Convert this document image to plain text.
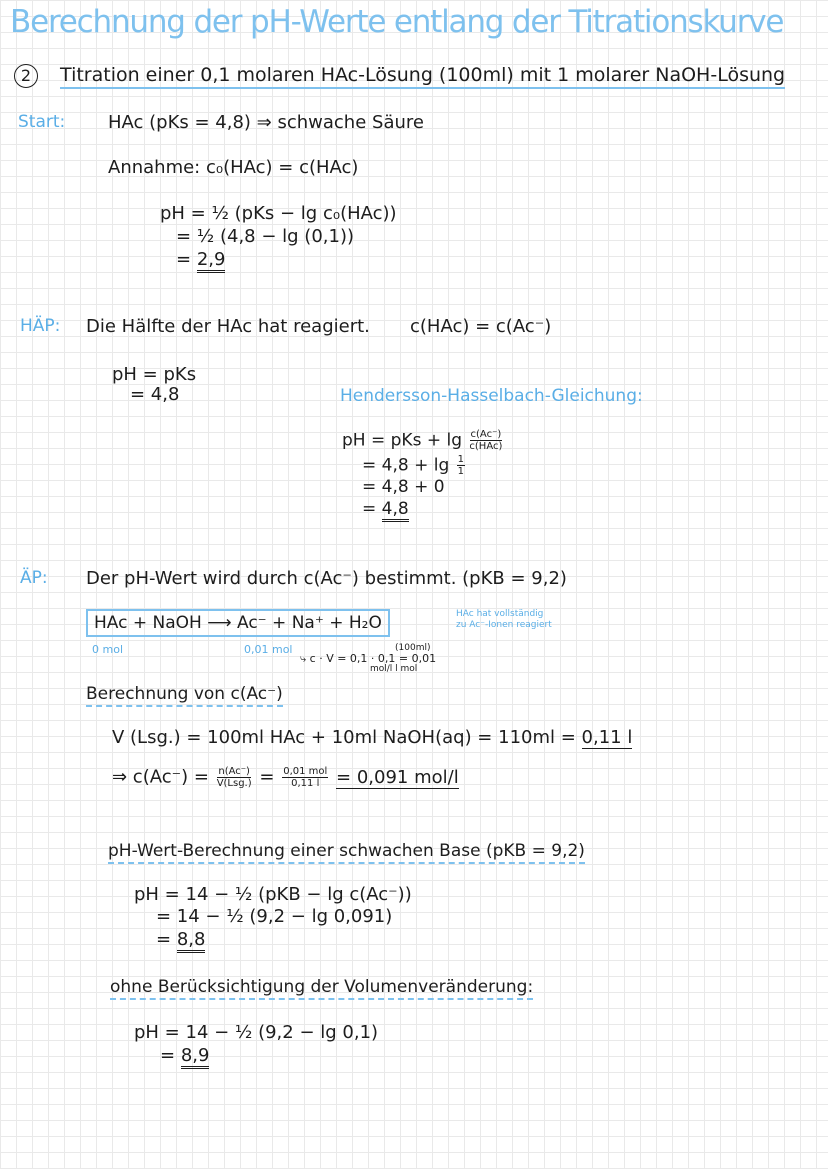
Berechnung der pH-Werte entlang der Titrationskurve
2 Titration einer 0,1 molaren HAc-Lösung (100ml) mit 1 molarer NaOH-Lösung
Start: HAc (pKs = 4,8) ⇒ schwache Säure
Annahme: c₀(HAc) = c(HAc)
pH = ½ (pKs − lg c₀(HAc))
= ½ (4,8 − lg (0,1))
= 2,9
HÄP: Die Hälfte der HAc hat reagiert. c(HAc) = c(Ac⁻)
pH = pKs
= 4,8	Hendersson-Hasselbach-Gleichung:
pH = pKs + $\lg \frac{c(Ac^-)}{\text{c(HAc)}}$
= $4,8 + \lg \frac{1}{1}$
= 4,8 + 0
= 4,8
ÄP: Der pH-Wert wird durch c(Ac⁻) bestimmt. (pKB = 9,2)
HAc + NaOH ⟶ Ac⁻ + Na⁺ + H₂O	HAc hat vollständig
zu Ac⁻-Ionen reagiert
0 mol	0,01 mol	(100ml)
⤷ c · V = 0,1 · 0,1 = 0,01
mol/l l mol
Berechnung von c(Ac⁻)
V (Lsg.) = 100ml HAc + 10ml NaOH(aq) = 110ml = 0,11 l
⇒ $c(Ac^-) = \frac{n(Ac^-)}{\text{V(Lsg.)}} = \frac{\text{0,01 mol}}{0,11 l} = 0,091$ mol/l
pH-Wert-Berechnung einer schwachen Base (pKB = 9,2)
pH = 14 − ½ (pKB − lg c(Ac⁻))
= 14 − ½ (9,2 − lg 0,091)
= 8,8
ohne Berücksichtigung der Volumenveränderung:
pH = 14 − ½ (9,2 − lg 0,1)
= 8,9
